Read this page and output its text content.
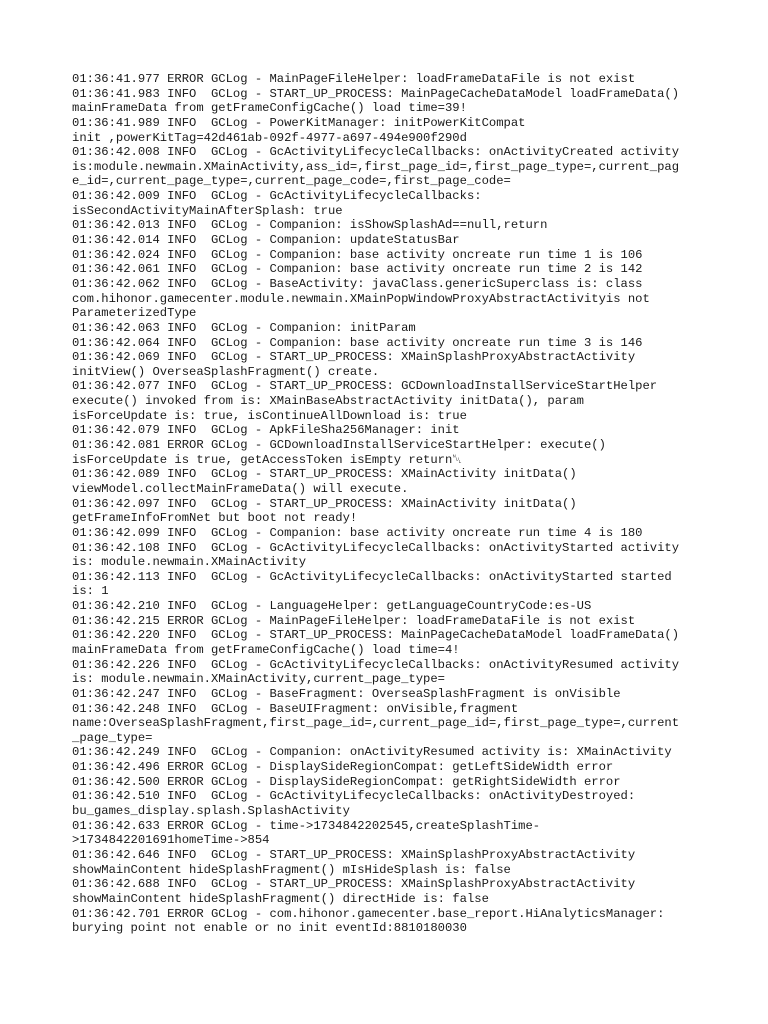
01:36:41.977 ERROR GCLog - MainPageFileHelper: loadFrameDataFile is not exist
01:36:41.983 INFO  GCLog - START_UP_PROCESS: MainPageCacheDataModel loadFrameData()
mainFrameData from getFrameConfigCache() load time=39!
01:36:41.989 INFO  GCLog - PowerKitManager: initPowerKitCompat
init ,powerKitTag=42d461ab-092f-4977-a697-494e900f290d
01:36:42.008 INFO  GCLog - GcActivityLifecycleCallbacks: onActivityCreated activity
is:module.newmain.XMainActivity,ass_id=,first_page_id=,first_page_type=,current_pag
e_id=,current_page_type=,current_page_code=,first_page_code=
01:36:42.009 INFO  GCLog - GcActivityLifecycleCallbacks:
isSecondActivityMainAfterSplash: true
01:36:42.013 INFO  GCLog - Companion: isShowSplashAd==null,return
01:36:42.014 INFO  GCLog - Companion: updateStatusBar
01:36:42.024 INFO  GCLog - Companion: base activity oncreate run time 1 is 106
01:36:42.061 INFO  GCLog - Companion: base activity oncreate run time 2 is 142
01:36:42.062 INFO  GCLog - BaseActivity: javaClass.genericSuperclass is: class
com.hihonor.gamecenter.module.newmain.XMainPopWindowProxyAbstractActivityis not
ParameterizedType
01:36:42.063 INFO  GCLog - Companion: initParam
01:36:42.064 INFO  GCLog - Companion: base activity oncreate run time 3 is 146
01:36:42.069 INFO  GCLog - START_UP_PROCESS: XMainSplashProxyAbstractActivity
initView() OverseaSplashFragment() create.
01:36:42.077 INFO  GCLog - START_UP_PROCESS: GCDownloadInstallServiceStartHelper
execute() invoked from is: XMainBaseAbstractActivity initData(), param
isForceUpdate is: true, isContinueAllDownload is: true
01:36:42.079 INFO  GCLog - ApkFileSha256Manager: init
01:36:42.081 ERROR GCLog - GCDownloadInstallServiceStartHelper: execute()
isForceUpdate is true, getAccessToken isEmpty return␀
01:36:42.089 INFO  GCLog - START_UP_PROCESS: XMainActivity initData()
viewModel.collectMainFrameData() will execute.
01:36:42.097 INFO  GCLog - START_UP_PROCESS: XMainActivity initData()
getFrameInfoFromNet but boot not ready!
01:36:42.099 INFO  GCLog - Companion: base activity oncreate run time 4 is 180
01:36:42.108 INFO  GCLog - GcActivityLifecycleCallbacks: onActivityStarted activity
is: module.newmain.XMainActivity
01:36:42.113 INFO  GCLog - GcActivityLifecycleCallbacks: onActivityStarted started
is: 1
01:36:42.210 INFO  GCLog - LanguageHelper: getLanguageCountryCode:es-US
01:36:42.215 ERROR GCLog - MainPageFileHelper: loadFrameDataFile is not exist
01:36:42.220 INFO  GCLog - START_UP_PROCESS: MainPageCacheDataModel loadFrameData()
mainFrameData from getFrameConfigCache() load time=4!
01:36:42.226 INFO  GCLog - GcActivityLifecycleCallbacks: onActivityResumed activity
is: module.newmain.XMainActivity,current_page_type=
01:36:42.247 INFO  GCLog - BaseFragment: OverseaSplashFragment is onVisible
01:36:42.248 INFO  GCLog - BaseUIFragment: onVisible,fragment
name:OverseaSplashFragment,first_page_id=,current_page_id=,first_page_type=,current
_page_type=
01:36:42.249 INFO  GCLog - Companion: onActivityResumed activity is: XMainActivity
01:36:42.496 ERROR GCLog - DisplaySideRegionCompat: getLeftSideWidth error
01:36:42.500 ERROR GCLog - DisplaySideRegionCompat: getRightSideWidth error
01:36:42.510 INFO  GCLog - GcActivityLifecycleCallbacks: onActivityDestroyed:
bu_games_display.splash.SplashActivity
01:36:42.633 ERROR GCLog - time->1734842202545,createSplashTime-
>1734842201691homeTime->854
01:36:42.646 INFO  GCLog - START_UP_PROCESS: XMainSplashProxyAbstractActivity
showMainContent hideSplashFragment() mIsHideSplash is: false
01:36:42.688 INFO  GCLog - START_UP_PROCESS: XMainSplashProxyAbstractActivity
showMainContent hideSplashFragment() directHide is: false
01:36:42.701 ERROR GCLog - com.hihonor.gamecenter.base_report.HiAnalyticsManager:
burying point not enable or no init eventId:8810180030
